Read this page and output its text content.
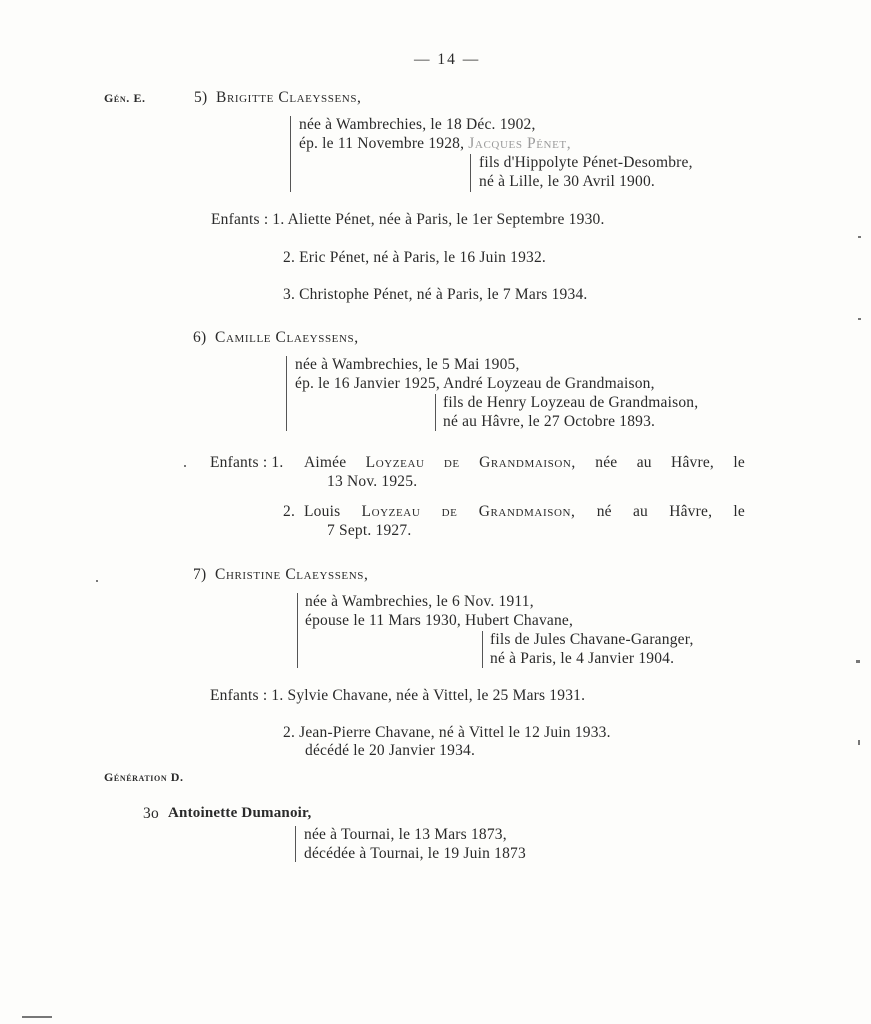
— 14 —
Gén. E.	5) Brigitte Claeyssens,
née à Wambrechies, le 18 Déc. 1902,
ép. le 11 Novembre 1928, Jacques Pénet,
fils d'Hippolyte Pénet-Desombre,
né à Lille, le 30 Avril 1900.
Enfants : 1. Aliette Pénet, née à Paris, le 1er Septembre 1930.
2. Eric Pénet, né à Paris, le 16 Juin 1932.
3. Christophe Pénet, né à Paris, le 7 Mars 1934.
6) Camille Claeyssens,
née à Wambrechies, le 5 Mai 1905,
ép. le 16 Janvier 1925, André Loyzeau de Grandmaison,
fils de Henry Loyzeau de Grandmaison,
né au Hâvre, le 27 Octobre 1893.
Enfants : 1. Aimée Loyzeau de Grandmaison, née au Hâvre, le
13 Nov. 1925.
2. Louis Loyzeau de Grandmaison, né au Hâvre, le
7 Sept. 1927.
7) Christine Claeyssens,
née à Wambrechies, le 6 Nov. 1911,
épouse le 11 Mars 1930, Hubert Chavane,
fils de Jules Chavane-Garanger,
né à Paris, le 4 Janvier 1904.
Enfants : 1. Sylvie Chavane, née à Vittel, le 25 Mars 1931.
2. Jean-Pierre Chavane, né à Vittel le 12 Juin 1933.
décédé le 20 Janvier 1934.
Génération D.
3o Antoinette Dumanoir,
née à Tournai, le 13 Mars 1873,
décédée à Tournai, le 19 Juin 1873
